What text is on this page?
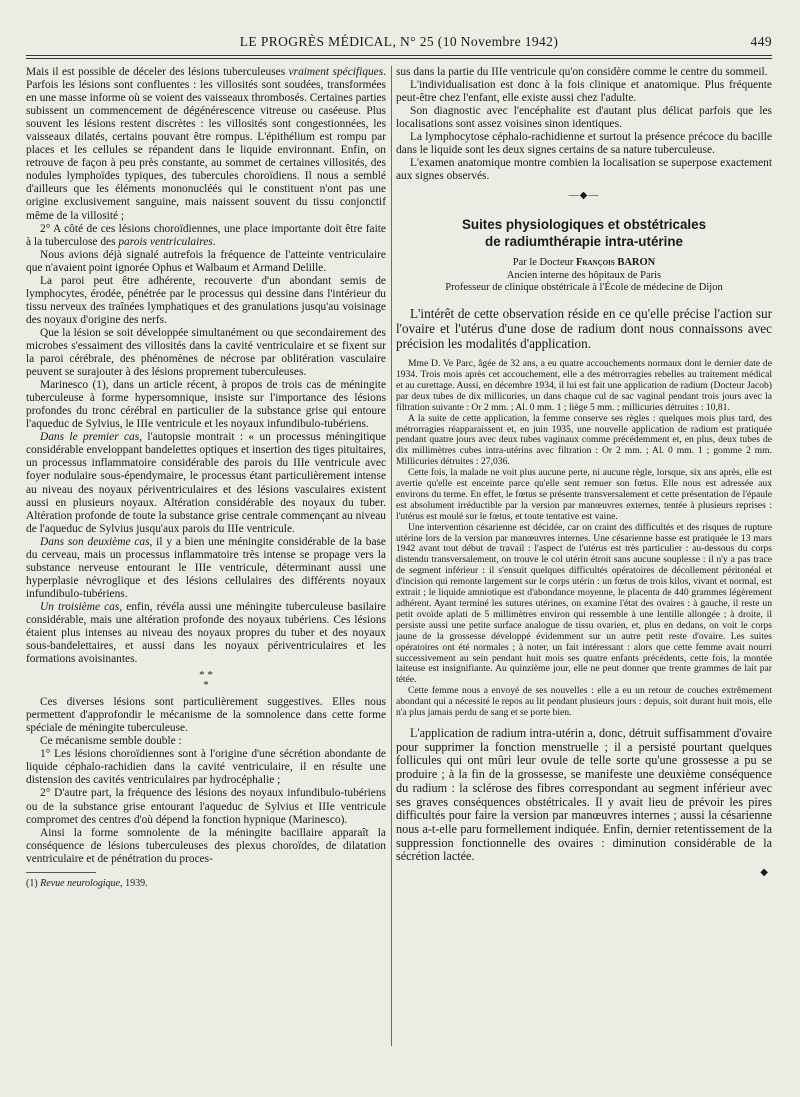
LE PROGRÈS MÉDICAL, N° 25 (10 Novembre 1942)	449

Mais il est possible de déceler des lésions tuberculeuses vraiment spécifiques. Parfois les lésions sont confluentes : les villosités sont soudées, transformées en une masse informe où se voient des vaisseaux thrombosés. Certaines parties subissent un commencement de dégénérescence vitreuse ou caséeuse. Plus souvent les lésions restent discrètes : les villosités sont congestionnées, les vaisseaux dilatés, certains pouvant être rompus. L'épithélium est rompu par places et les cellules se répandent dans le liquide environnant. Enfin, on retrouve de façon à peu près constante, au sommet de certaines villosités, des nodules lymphoïdes typiques, des tubercules choroïdiens. Il nous a semblé d'ailleurs que les éléments mononucléés qui le constituent n'ont pas une origine exclusivement sanguine, mais naissent souvent du tissu conjonctif même de la villosité ;

2° A côté de ces lésions choroïdiennes, une place importante doit être faite à la tuberculose des parois ventriculaires.

Nous avions déjà signalé autrefois la fréquence de l'atteinte ventriculaire que n'avaient point ignorée Ophus et Walbaum et Armand Delille.

La paroi peut être adhérente, recouverte d'un abondant semis de lymphocytes, érodée, pénétrée par le processus qui dessine dans l'intérieur du tissu nerveux des traînées lymphatiques et des granulations jusqu'au voisinage des noyaux d'origine des nerfs.

Que la lésion se soit développée simultanément ou que secondairement des microbes s'essaiment des villosités dans la cavité ventriculaire et se fixent sur la paroi cérébrale, des phénomènes de nécrose par oblitération vasculaire peuvent se surajouter à des lésions proprement tuberculeuses.

Marinesco (1), dans un article récent, à propos de trois cas de méningite tuberculeuse à forme hypersomnique, insiste sur l'importance des lésions profondes du tronc cérébral en particulier de la substance grise qui entoure l'aqueduc de Sylvius, le IIIe ventricule et les noyaux infundibulo-tubériens.

Dans le premier cas, l'autopsie montrait : « un processus méningitique considérable enveloppant bandelettes optiques et insertion des tiges pituitaires, un processus inflammatoire considérable des parois du IIIe ventricule avec foyer nodulaire sous-épendymaire, le processus étant particulièrement intense au niveau des noyaux périventriculaires et des lésions vasculaires existent aussi en plusieurs noyaux. Altération considérable des noyaux du tuber. Altération profonde de toute la substance grise centrale commençant au niveau de l'aqueduc de Sylvius jusqu'aux parois du IIIe ventricule.

Dans son deuxième cas, il y a bien une méningite considérable de la base du cerveau, mais un processus inflammatoire très intense se propage vers la substance nerveuse entourant le IIIe ventricule, déterminant aussi une hyperplasie névroglique et des lésions cellulaires des différents noyaux infundibulo-tubériens.

Un troisième cas, enfin, révéla aussi une méningite tuberculeuse basilaire considérable, mais une altération profonde des noyaux tubériens. Ces lésions étaient plus intenses au niveau des noyaux propres du tuber et des noyaux sous-bandelettaires, et aussi dans les noyaux périventriculaires et les formations avoisinantes.

* *
*

Ces diverses lésions sont particulièrement suggestives. Elles nous permettent d'approfondir le mécanisme de la somnolence dans cette forme spéciale de méningite tuberculeuse.

Ce mécanisme semble double :

1° Les lésions choroïdiennes sont à l'origine d'une sécrétion abondante de liquide céphalo-rachidien dans la cavité ventriculaire, il en résulte une distension des cavités ventriculaires par hydrocéphalie ;

2° D'autre part, la fréquence des lésions des noyaux infundibulo-tubériens ou de la substance grise entourant l'aqueduc de Sylvius et IIIe ventricule compromet des centres d'où dépend la fonction hypnique (Marinesco).

Ainsi la forme somnolente de la méningite bacillaire apparaît la conséquence de lésions tuberculeuses des plexus choroïdes, de dilatation ventriculaire et de pénétration du proces-

(1) Revue neurologique, 1939.

sus dans la partie du IIIe ventricule qu'on considère comme le centre du sommeil.

L'individualisation est donc à la fois clinique et anatomique. Plus fréquente peut-être chez l'enfant, elle existe aussi chez l'adulte.

Son diagnostic avec l'encéphalite est d'autant plus délicat parfois que les localisations sont assez voisines sinon identiques.

La lymphocytose céphalo-rachidienne et surtout la présence précoce du bacille dans le liquide sont les deux signes certains de sa nature tuberculeuse.

L'examen anatomique montre combien la localisation se superpose exactement aux signes observés.

—◆—
Suites physiologiques et obstétricales
de radiumthérapie intra-utérine
Par le Docteur François BARON
Ancien interne des hôpitaux de Paris
Professeur de clinique obstétricale à l'École de médecine de Dijon

L'intérêt de cette observation réside en ce qu'elle précise l'action sur l'ovaire et l'utérus d'une dose de radium dont nous connaissons avec précision les modalités d'application.

Mme D. Ve Parc, âgée de 32 ans, a eu quatre accouchements normaux dont le dernier date de 1934. Trois mois après cet accouchement, elle a des métrorragies rebelles au traitement médical et au curettage. Aussi, en décembre 1934, il lui est fait une application de radium (Docteur Jacob) par deux tubes de dix millicuries, un dans chaque cul de sac vaginal pendant trois jours avec la filtration suivante : Or 2 mm. ; Al. 0 mm. 1 ; liège 5 mm. ; millicuries détruites : 10,81.

A la suite de cette application, la femme conserve ses règles : quelques mois plus tard, des métrorragies réapparaissent et, en juin 1935, une nouvelle application de radium est pratiquée pendant quatre jours avec deux tubes vaginaux comme précédemment et, en plus, deux tubes de dix millimètres cubes intra-utérins avec filtration : Or 2 mm. ; Al. 0 mm. 1 ; gomme 2 mm. Millicuries détruites : 27,036.

Cette fois, la malade ne voit plus aucune perte, ni aucune règle, lorsque, six ans après, elle est avertie qu'elle est enceinte parce qu'elle sent remuer son fœtus. Elle nous est adressée aux environs du terme. En effet, le fœtus se présente transversalement et cette présentation de l'épaule est absolument irréductible par la version par manœuvres externes, tentée à plusieurs reprises : l'utérus est moulé sur le fœtus, et toute tentative est vaine.

Une intervention césarienne est décidée, car on craint des difficultés et des risques de rupture utérine lors de la version par manœuvres internes. Une césarienne basse est pratiquée le 13 mars 1942 avant tout début de travail : l'aspect de l'utérus est très particulier : au-dessous du corps distendu transversalement, on trouve le col utérin étroit sans aucune souplesse : il n'y a pas trace de segment inférieur : il s'ensuit quelques difficultés opératoires de décollement péritonéal et d'incision qui remonte largement sur le corps utérin : un fœtus de trois kilos, vivant et normal, est extrait ; le liquide amniotique est d'abondance moyenne, le placenta de 440 grammes légèrement adhérent. Ayant terminé les sutures utérines, on examine l'état des ovaires : à gauche, il reste un petit ovoïde aplati de 5 millimètres environ qui ressemble à une lentille allongée ; à droite, il persiste aussi une petite surface analogue de tissu ovarien, et, plus en dedans, on voit le corps jaune de la grossesse développé évidemment sur un autre petit reste d'ovaire. Les suites opératoires ont été normales ; à noter, un fait intéressant : alors que cette femme avait nourri successivement au sein pendant huit mois ses quatre enfants précédents, cette fois, la montée laiteuse est insignifiante. Au quinzième jour, elle ne peut donner que trente grammes de lait par tétée.

Cette femme nous a envoyé de ses nouvelles : elle a eu un retour de couches extrêmement abondant qui a nécessité le repos au lit pendant plusieurs jours : depuis, soit durant huit mois, elle n'a plus jamais perdu de sang et se porte bien.

L'application de radium intra-utérin a, donc, détruit suffisamment d'ovaire pour supprimer la fonction menstruelle ; il a persisté pourtant quelques follicules qui ont mûri leur ovule de telle sorte qu'une grossesse a pu se produire ; à la fin de la grossesse, se manifeste une deuxième conséquence du radium : la sclérose des fibres correspondant au segment inférieur avec ses graves conséquences obstétricales. Il y avait lieu de prévoir les pires difficultés pour faire la version par manœuvres internes ; aussi la césarienne nous a-t-elle paru formellement indiquée. Enfin, dernier retentissement de la suppression fonctionnelle des ovaires : diminution considérable de la sécrétion lactée.

◆
